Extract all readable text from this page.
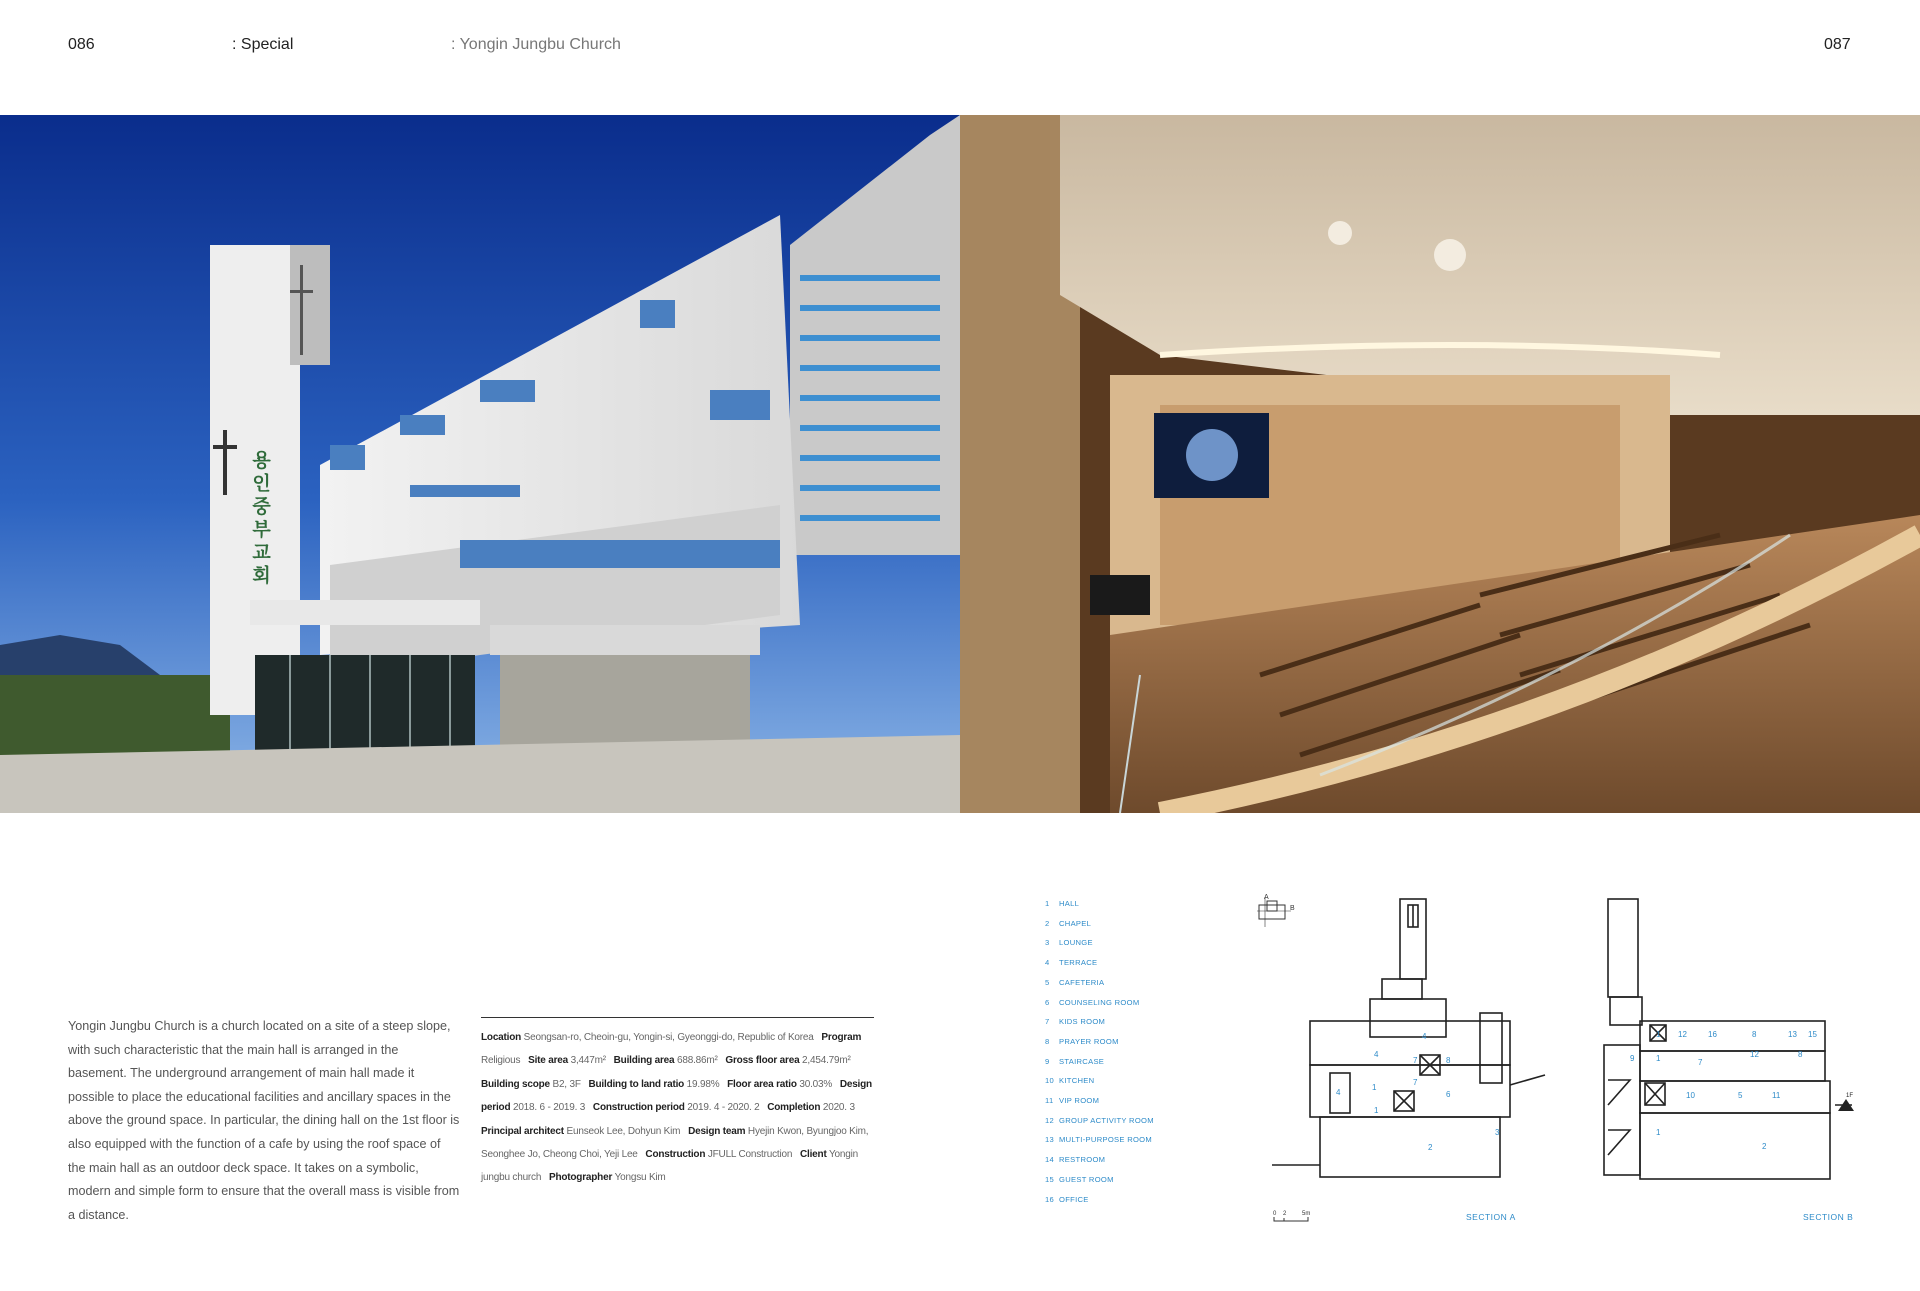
086	: Special	: Yongin Jungbu Church	087
용인중부교회
Yongin Jungbu Church is a church located on a site of a steep slope, with such characteristic that the main hall is arranged in the basement. The underground arrangement of main hall made it possible to place the educational facilities and ancillary spaces in the above the ground space. In particular, the dining hall on the 1st floor is also equipped with the function of a cafe by using the roof space of the main hall as an outdoor deck space. It takes on a symbolic, modern and simple form to ensure that the overall mass is visible from a distance.
Location Seongsan-ro, Cheoin-gu, Yongin-si, Gyeonggi-do, Republic of Korea Program Religious Site area 3,447m² Building area 688.86m² Gross floor area 2,454.79m²   Building scope B2, 3F Building to land ratio 19.98% Floor area ratio 30.03% Design period 2018. 6 - 2019. 3 Construction period 2019. 4 - 2020. 2 Completion 2020. 3   Principal architect Eunseok Lee, Dohyun Kim Design team Hyejin Kwon, Byungjoo Kim, Seonghee Jo, Cheong Choi, Yeji Lee Construction JFULL Construction Client Yongin jungbu church Photographer Yongsu Kim
1 HALL
2 CHAPEL
3 LOUNGE
4 TERRACE
5 CAFETERIA
6 COUNSELING ROOM
7 KIDS ROOM
8 PRAYER ROOM
9 STAIRCASE
10 KITCHEN
11 VIP ROOM
12 GROUP ACTIVITY ROOM
13 MULTI-PURPOSE ROOM
14 RESTROOM
15 GUEST ROOM
16 OFFICE
A
B
4
7	8
7
4
4
1
6
1
2
3
1 12	16	8	13 15
9	1	7
12	8
10	5	11
1
2
1F
0 2	5m	SECTION A	SECTION B
